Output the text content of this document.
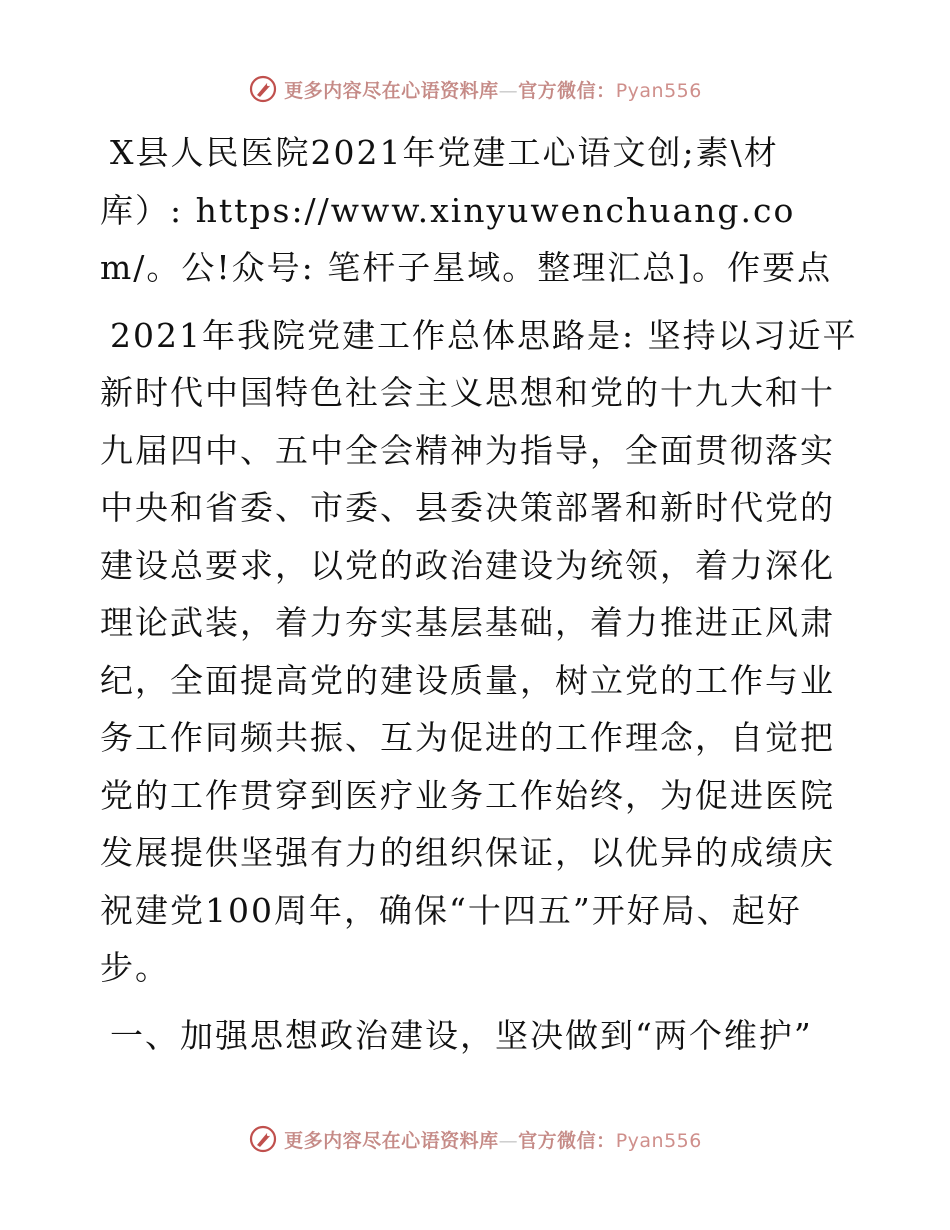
更多内容尽在心语资料库—官方微信：Pyan556

X县人民医院2021年党建工心语文创;素\材库）: https://www.xinyuwenchuang.com/。公!众号: 笔杆子星域。整理汇总]。作要点

2021年我院党建工作总体思路是: 坚持以习近平新时代中国特色社会主义思想和党的十九大和十九届四中、五中全会精神为指导，全面贯彻落实中央和省委、市委、县委决策部署和新时代党的建设总要求，以党的政治建设为统领，着力深化理论武装，着力夯实基层基础，着力推进正风肃纪，全面提高党的建设质量，树立党的工作与业务工作同频共振、互为促进的工作理念，自觉把党的工作贯穿到医疗业务工作始终，为促进医院发展提供坚强有力的组织保证，以优异的成绩庆祝建党100周年，确保“十四五”开好局、起好步。

一、加强思想政治建设，坚决做到“两个维护”

更多内容尽在心语资料库—官方微信：Pyan556
